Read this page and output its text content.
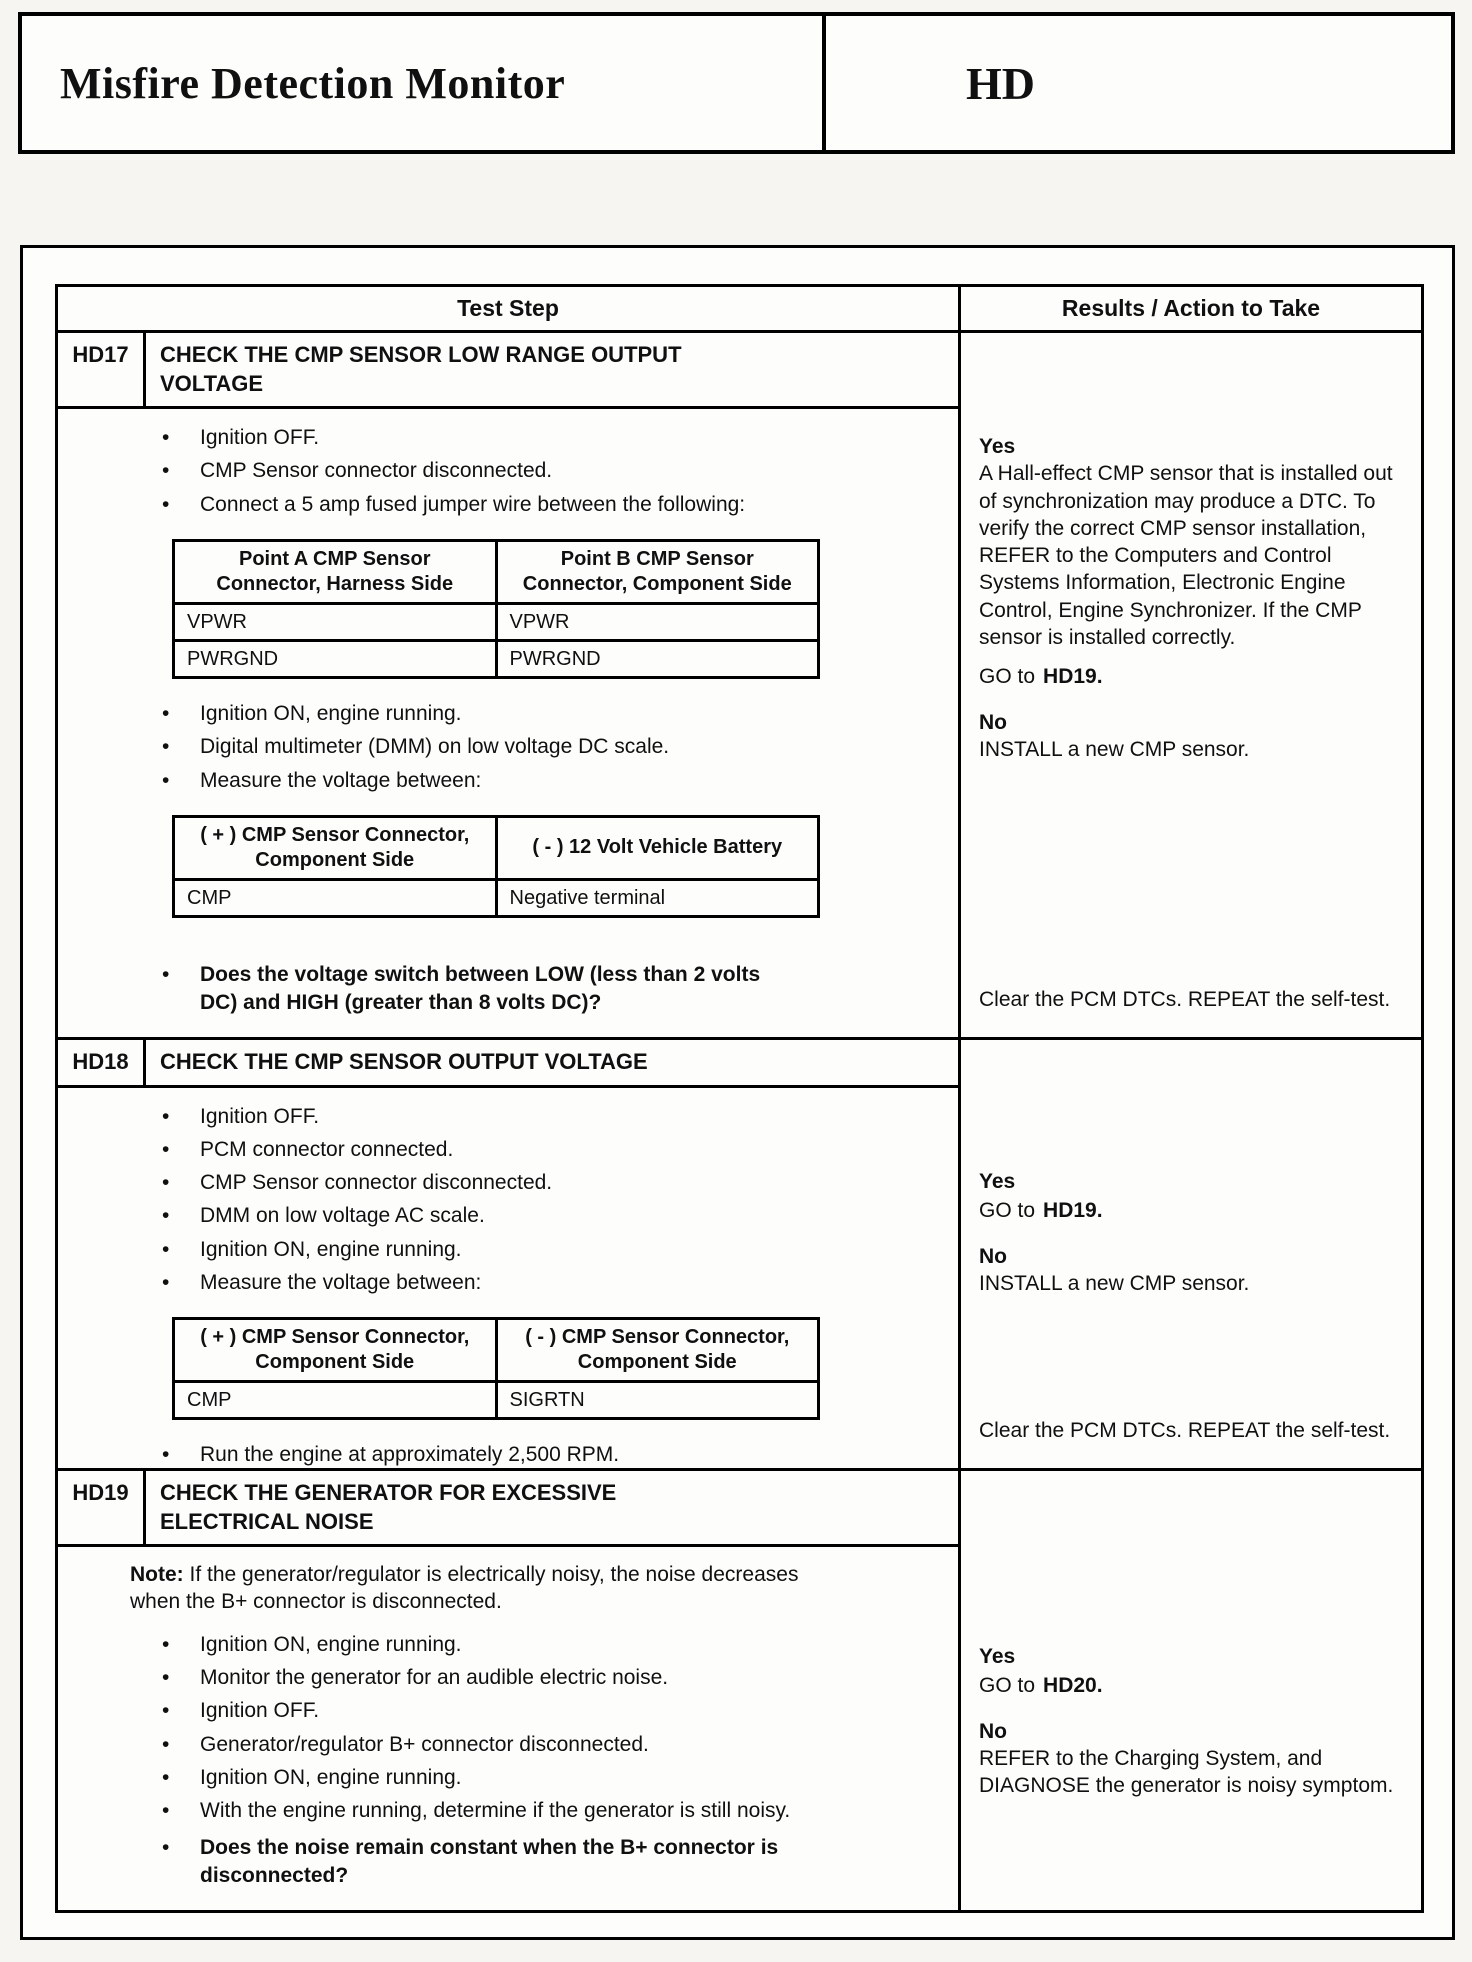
Misfire Detection Monitor	HD
Test Step	Results / Action to Take
HD17	CHECK THE CMP SENSOR LOW RANGE OUTPUT VOLTAGE
•	Ignition OFF.
•	CMP Sensor connector disconnected.
•	Connect a 5 amp fused jumper wire between the following:
Point A CMP Sensor Connector, Harness Side	Point B CMP Sensor Connector, Component Side
VPWR	VPWR
PWRGND	PWRGND
•	Ignition ON, engine running.
•	Digital multimeter (DMM) on low voltage DC scale.
•	Measure the voltage between:
( + ) CMP Sensor Connector, Component Side	( - ) 12 Volt Vehicle Battery
CMP	Negative terminal
•	Does the voltage switch between LOW (less than 2 volts DC) and HIGH (greater than 8 volts DC)?
Yes
A Hall-effect CMP sensor that is installed out of synchronization may produce a DTC. To verify the correct CMP sensor installation, REFER to the Computers and Control Systems Information, Electronic Engine Control, Engine Synchronizer. If the CMP sensor is installed correctly.
GO to HD19.
No
INSTALL a new CMP sensor.
Clear the PCM DTCs. REPEAT the self-test.
HD18	CHECK THE CMP SENSOR OUTPUT VOLTAGE
•	Ignition OFF.
•	PCM connector connected.
•	CMP Sensor connector disconnected.
•	DMM on low voltage AC scale.
•	Ignition ON, engine running.
•	Measure the voltage between:
( + ) CMP Sensor Connector, Component Side	( - ) CMP Sensor Connector, Component Side
CMP	SIGRTN
•	Run the engine at approximately 2,500 RPM.
Yes
GO to HD19.
No
INSTALL a new CMP sensor.
Clear the PCM DTCs. REPEAT the self-test.
HD19	CHECK THE GENERATOR FOR EXCESSIVE ELECTRICAL NOISE
Note: If the generator/regulator is electrically noisy, the noise decreases when the B+ connector is disconnected.
•	Ignition ON, engine running.
•	Monitor the generator for an audible electric noise.
•	Ignition OFF.
•	Generator/regulator B+ connector disconnected.
•	Ignition ON, engine running.
•	With the engine running, determine if the generator is still noisy.
•	Does the noise remain constant when the B+ connector is disconnected?
Yes
GO to HD20.
No
REFER to the Charging System, and DIAGNOSE the generator is noisy symptom.
